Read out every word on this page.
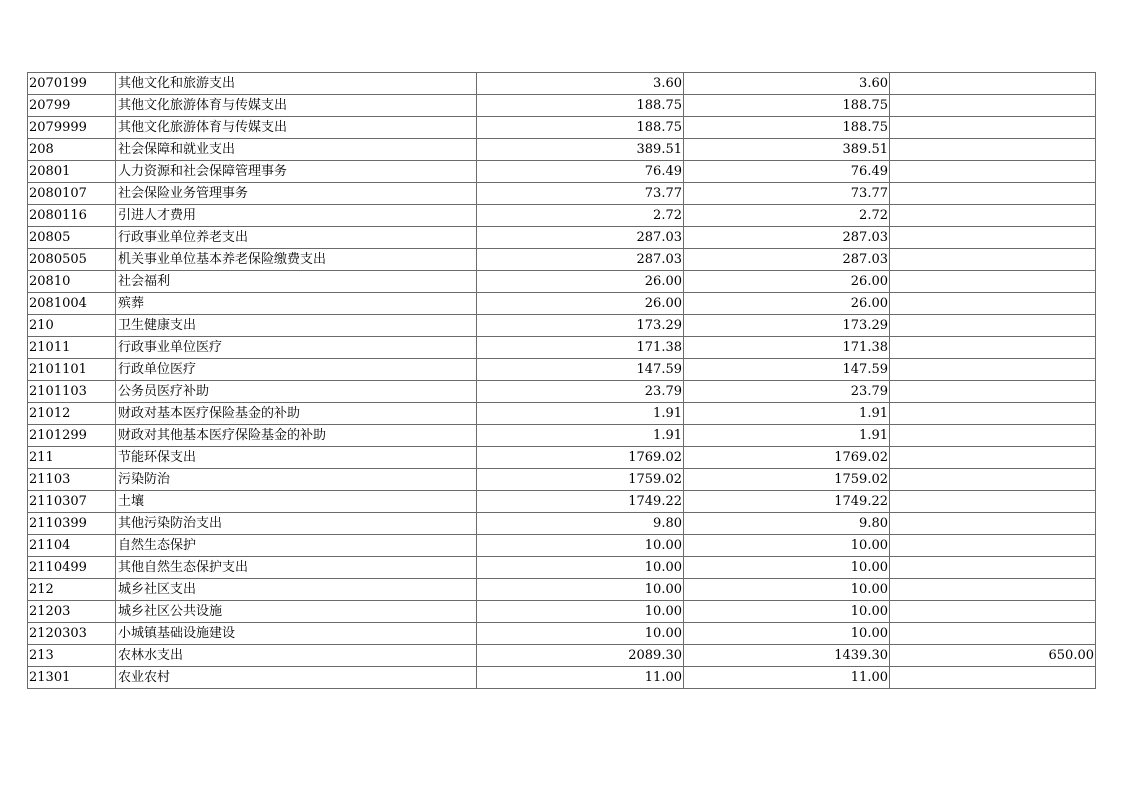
2070199	其他文化和旅游支出	3.60	3.60	
20799	其他文化旅游体育与传媒支出	188.75	188.75	
2079999	其他文化旅游体育与传媒支出	188.75	188.75	
208	社会保障和就业支出	389.51	389.51	
20801	人力资源和社会保障管理事务	76.49	76.49	
2080107	社会保险业务管理事务	73.77	73.77	
2080116	引进人才费用	2.72	2.72	
20805	行政事业单位养老支出	287.03	287.03	
2080505	机关事业单位基本养老保险缴费支出	287.03	287.03	
20810	社会福利	26.00	26.00	
2081004	殡葬	26.00	26.00	
210	卫生健康支出	173.29	173.29	
21011	行政事业单位医疗	171.38	171.38	
2101101	行政单位医疗	147.59	147.59	
2101103	公务员医疗补助	23.79	23.79	
21012	财政对基本医疗保险基金的补助	1.91	1.91	
2101299	财政对其他基本医疗保险基金的补助	1.91	1.91	
211	节能环保支出	1769.02	1769.02	
21103	污染防治	1759.02	1759.02	
2110307	土壤	1749.22	1749.22	
2110399	其他污染防治支出	9.80	9.80	
21104	自然生态保护	10.00	10.00	
2110499	其他自然生态保护支出	10.00	10.00	
212	城乡社区支出	10.00	10.00	
21203	城乡社区公共设施	10.00	10.00	
2120303	小城镇基础设施建设	10.00	10.00	
213	农林水支出	2089.30	1439.30	650.00
21301	农业农村	11.00	11.00	
